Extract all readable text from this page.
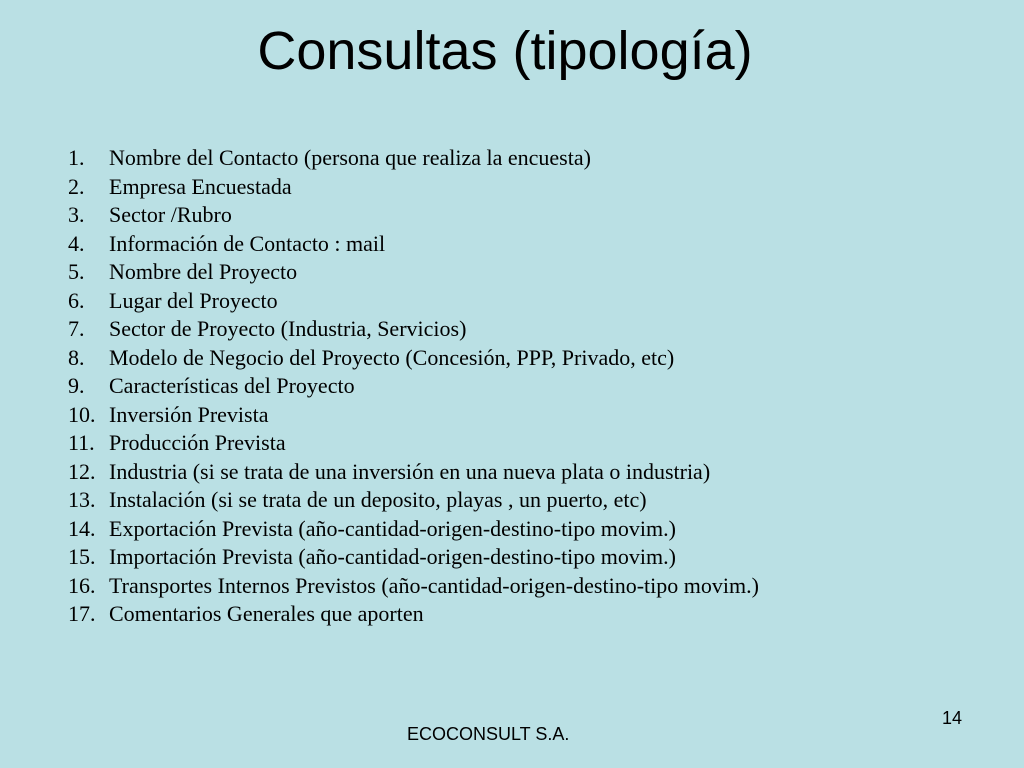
Consultas (tipología)
1.	Nombre del Contacto (persona que realiza la encuesta)
2.	Empresa Encuestada
3.	Sector /Rubro
4.	Información de Contacto : mail
5.	Nombre del Proyecto
6.	Lugar del Proyecto
7.	Sector de Proyecto (Industria, Servicios)
8.	Modelo de Negocio del Proyecto (Concesión, PPP, Privado, etc)
9.	Características del Proyecto
10. Inversión Prevista
11. Producción Prevista
12. Industria (si se trata de una inversión en una nueva plata o industria)
13. Instalación (si se trata de un deposito, playas , un puerto, etc)
14. Exportación Prevista (año-cantidad-origen-destino-tipo movim.)
15. Importación Prevista (año-cantidad-origen-destino-tipo movim.)
16. Transportes Internos Previstos (año-cantidad-origen-destino-tipo movim.)
17. Comentarios Generales que aporten
14
ECOCONSULT S.A.
